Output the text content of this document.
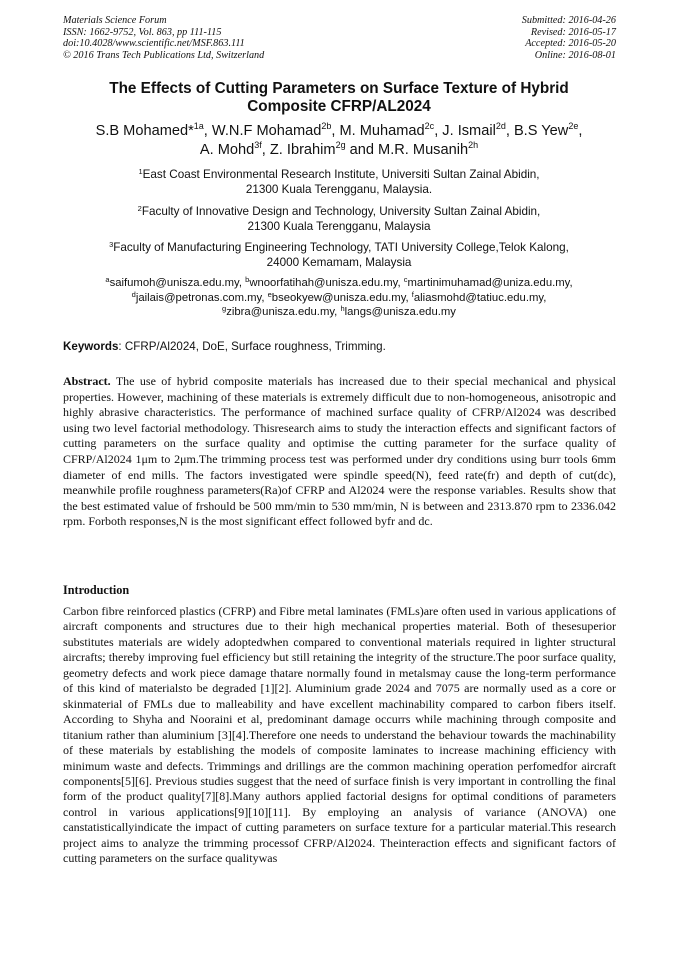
Materials Science Forum
ISSN: 1662-9752, Vol. 863, pp 111-115
doi:10.4028/www.scientific.net/MSF.863.111
© 2016 Trans Tech Publications Ltd, Switzerland
Submitted: 2016-04-26
Revised: 2016-05-17
Accepted: 2016-05-20
Online: 2016-08-01
The Effects of Cutting Parameters on Surface Texture of Hybrid
Composite CFRP/AL2024
S.B Mohamed*$^{1a}$, W.N.F Mohamad$^{2b}$, M. Muhamad$^{2c}$, J. Ismail$^{2d}$, B.S Yew$^{2e}$,
A. Mohd$^{3f}$, Z. Ibrahim$^{2g}$ and M.R. Musanih$^{2h}$
$^1$East Coast Environmental Research Institute, Universiti Sultan Zainal Abidin,
21300 Kuala Terengganu, Malaysia.
$^2$Faculty of Innovative Design and Technology, University Sultan Zainal Abidin,
21300 Kuala Terengganu, Malaysia
$^3$Faculty of Manufacturing Engineering Technology, TATI University College,Telok Kalong,
24000 Kemamam, Malaysia
$^a$saifumoh@unisza.edu.my, $^b$wnoorfatihah@unisza.edu.my, $^c$martinimuhamad@uniza.edu.my,
$^d$jailais@petronas.com.my, $^e$bseokyew@unisza.edu.my, $^f$aliasmohd@tatiuc.edu.my,
$^g$zibra@unisza.edu.my, $^h$langs@unisza.edu.my
Keywords: CFRP/Al2024, DoE, Surface roughness, Trimming.

Abstract. The use of hybrid composite materials has increased due to their special mechanical and physical properties. However, machining of these materials is extremely difficult due to non-homogeneous, anisotropic and highly abrasive characteristics. The performance of machined surface quality of CFRP/Al2024 was described using two level factorial methodology. Thisresearch aims to study the interaction effects and significant factors of cutting parameters on the surface quality and optimise the cutting parameter for the surface quality of CFRP/Al2024 1μm to 2μm.The trimming process test was performed under dry conditions using burr tools 6mm diameter of end mills. The factors investigated were spindle speed(N), feed rate(fr) and depth of cut(dc), meanwhile profile roughness parameters(Ra)of CFRP and Al2024 were the response variables. Results show that the best estimated value of frshould be 500 mm/min to 530 mm/min, N is between and 2313.870 rpm to 2336.042 rpm. Forboth responses,N is the most significant effect followed byfr and dc.

Introduction

Carbon fibre reinforced plastics (CFRP) and Fibre metal laminates (FMLs)are often used in various applications of aircraft components and structures due to their high mechanical properties material. Both of thesesuperior substitutes materials are widely adoptedwhen compared to conventional materials required in lighter structural aircrafts; thereby improving fuel efficiency but still retaining the integrity of the structure.The poor surface quality, geometry defects and work piece damage thatare normally found in metalsmay cause the long-term performance of this kind of materialsto be degraded [1][2]. Aluminium grade 2024 and 7075 are normally used as a core or skinmaterial of FMLs due to malleability and have excellent machinability compared to carbon fibers itself. According to Shyha and Nooraini et al, predominant damage occurrs while machining through composite and titanium rather than aluminium [3][4].Therefore one needs to understand the behaviour towards the machinability of these materials by establishing the models of composite laminates to increase machining efficiency with minimum waste and defects. Trimmings and drillings are the common machining operation perfomedfor aircraft components[5][6]. Previous studies suggest that the need of surface finish is very important in controlling the final form of the product quality[7][8].Many authors applied factorial designs for optimal conditions of parameters control in various applications[9][10][11]. By employing an analysis of variance (ANOVA) one canstatisticallyindicate the impact of cutting parameters on surface texture for a particular material.This research project aims to analyze the trimming processof CFRP/Al2024. Theinteraction effects and significant factors of cutting parameters on the surface qualitywas
